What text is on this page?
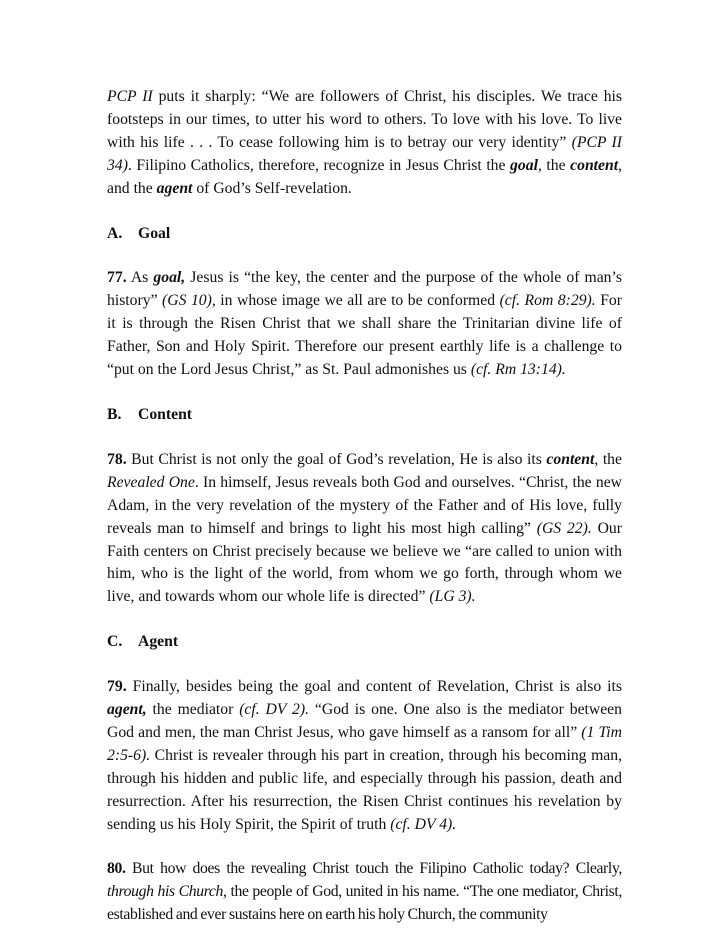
PCP II puts it sharply: “We are followers of Christ, his disciples. We trace his footsteps in our times, to utter his word to others. To love with his love. To live with his life . . . To cease following him is to betray our very identity” (PCP II 34). Filipino Catholics, therefore, recognize in Jesus Christ the goal, the content, and the agent of God’s Self-revelation.

A. Goal

77. As goal, Jesus is “the key, the center and the purpose of the whole of man’s history” (GS 10), in whose image we all are to be conformed (cf. Rom 8:29). For it is through the Risen Christ that we shall share the Trinitarian divine life of Father, Son and Holy Spirit. Therefore our present earthly life is a challenge to “put on the Lord Jesus Christ,” as St. Paul admonishes us (cf. Rm 13:14).

B. Content

78. But Christ is not only the goal of God’s revelation, He is also its content, the Revealed One. In himself, Jesus reveals both God and ourselves. “Christ, the new Adam, in the very revelation of the mystery of the Father and of His love, fully reveals man to himself and brings to light his most high calling” (GS 22). Our Faith centers on Christ precisely because we believe we “are called to union with him, who is the light of the world, from whom we go forth, through whom we live, and towards whom our whole life is directed” (LG 3).

C. Agent

79. Finally, besides being the goal and content of Revelation, Christ is also its agent, the mediator (cf. DV 2). “God is one. One also is the mediator between God and men, the man Christ Jesus, who gave himself as a ransom for all” (1 Tim 2:5-6). Christ is revealer through his part in creation, through his becoming man, through his hidden and public life, and especially through his passion, death and resurrection. After his resurrection, the Risen Christ continues his revelation by sending us his Holy Spirit, the Spirit of truth (cf. DV 4).

80. But how does the revealing Christ touch the Filipino Catholic today? Clearly, through his Church, the people of God, united in his name. “The one mediator, Christ, established and ever sustains here on earth his holy Church, the community
